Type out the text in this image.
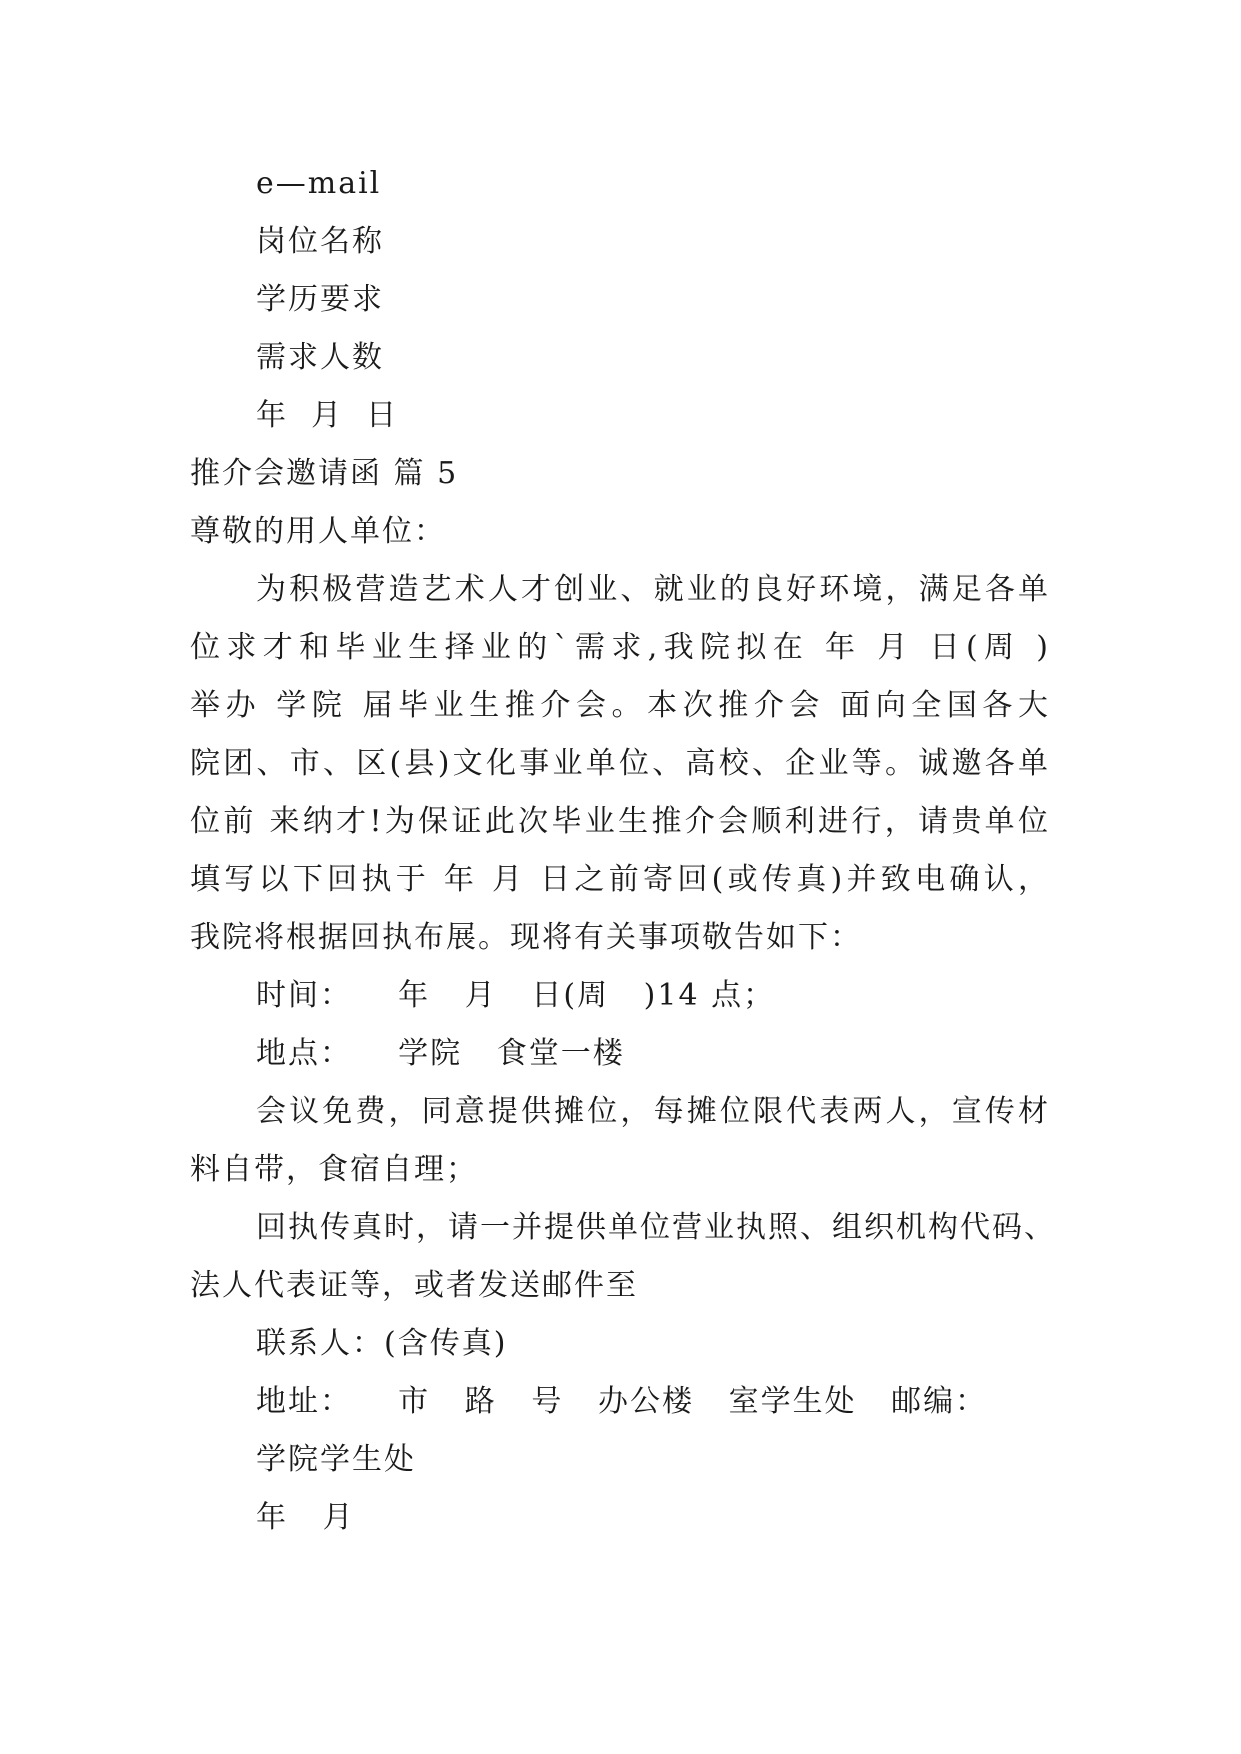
e—mail
岗位名称
学历要求
需求人数
年  月  日
推介会邀请函 篇 5
尊敬的用人单位：
为积极营造艺术人才创业、就业的良好环境，满足各单
位求才和毕业生择业的`需求,我院拟在 年 月 日(周 )
举办 学院 届毕业生推介会。本次推介会 面向全国各大
院团、市、区(县)文化事业单位、高校、企业等。诚邀各单
位前 来纳才!为保证此次毕业生推介会顺利进行，请贵单位
填写以下回执于 年 月 日之前寄回(或传真)并致电确认，
我院将根据回执布展。现将有关事项敬告如下：
时间：    年   月   日(周   )14 点；
地点：    学院   食堂一楼
会议免费，同意提供摊位，每摊位限代表两人，宣传材
料自带，食宿自理；
回执传真时，请一并提供单位营业执照、组织机构代码、
法人代表证等，或者发送邮件至
联系人：(含传真)
地址：    市   路   号   办公楼   室学生处   邮编：
学院学生处
年   月
